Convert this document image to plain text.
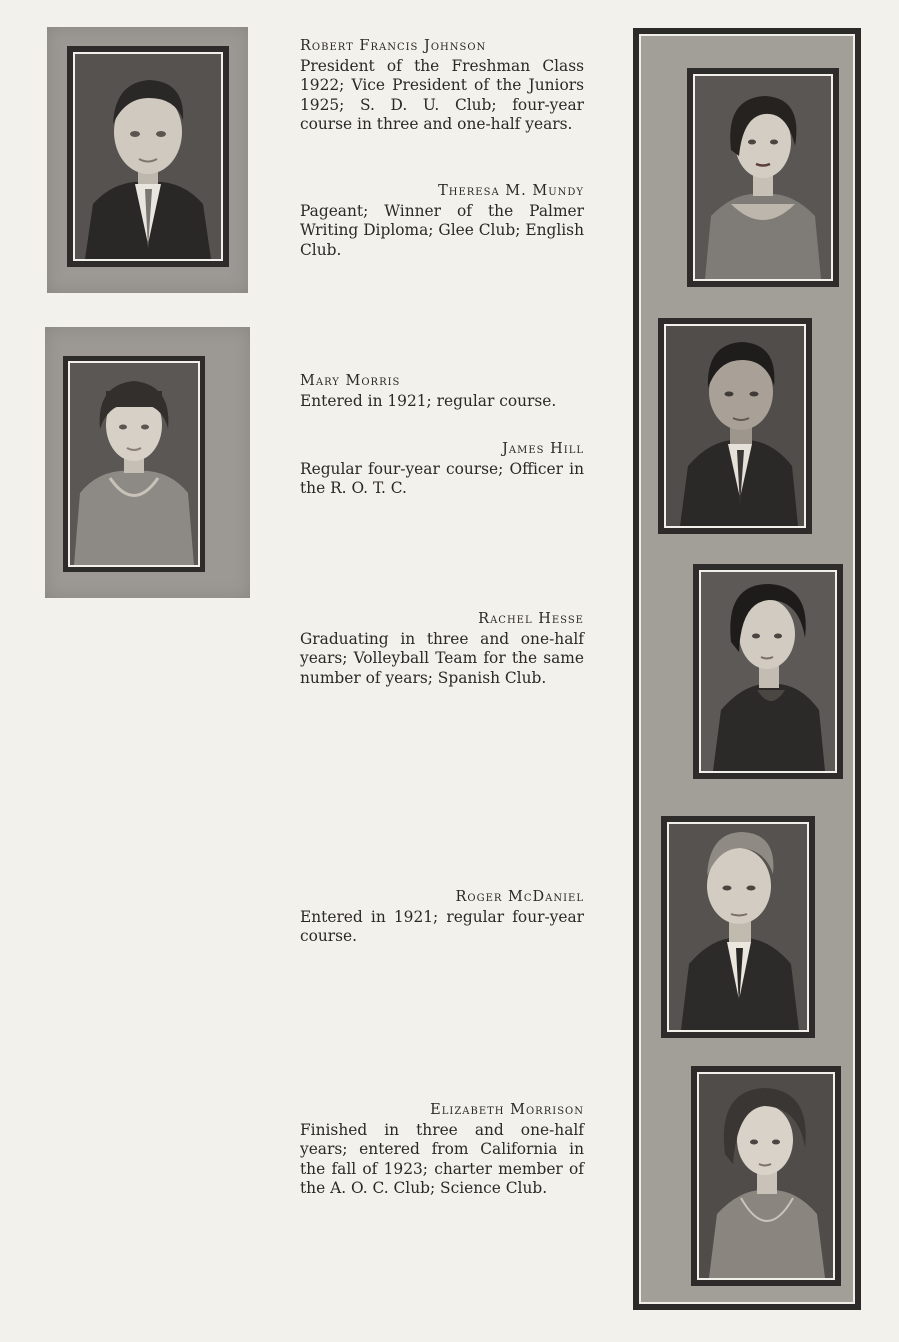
Robert Francis Johnson
President of the Freshman Class 1922; Vice President of the Juniors 1925; S. D. U. Club; four-year course in three and one-half years.
Theresa M. Mundy
Pageant; Winner of the Palmer Writing Diploma; Glee Club; English Club.
Mary Morris
Entered in 1921; regular course.
James Hill
Regular four-year course; Officer in the R. O. T. C.
Rachel Hesse
Graduating in three and one-half years; Volleyball Team for the same number of years; Spanish Club.
Roger McDaniel
Entered in 1921; regular four-year course.
Elizabeth Morrison
Finished in three and one-half years; entered from California in the fall of 1923; charter member of the A. O. C. Club; Science Club.
